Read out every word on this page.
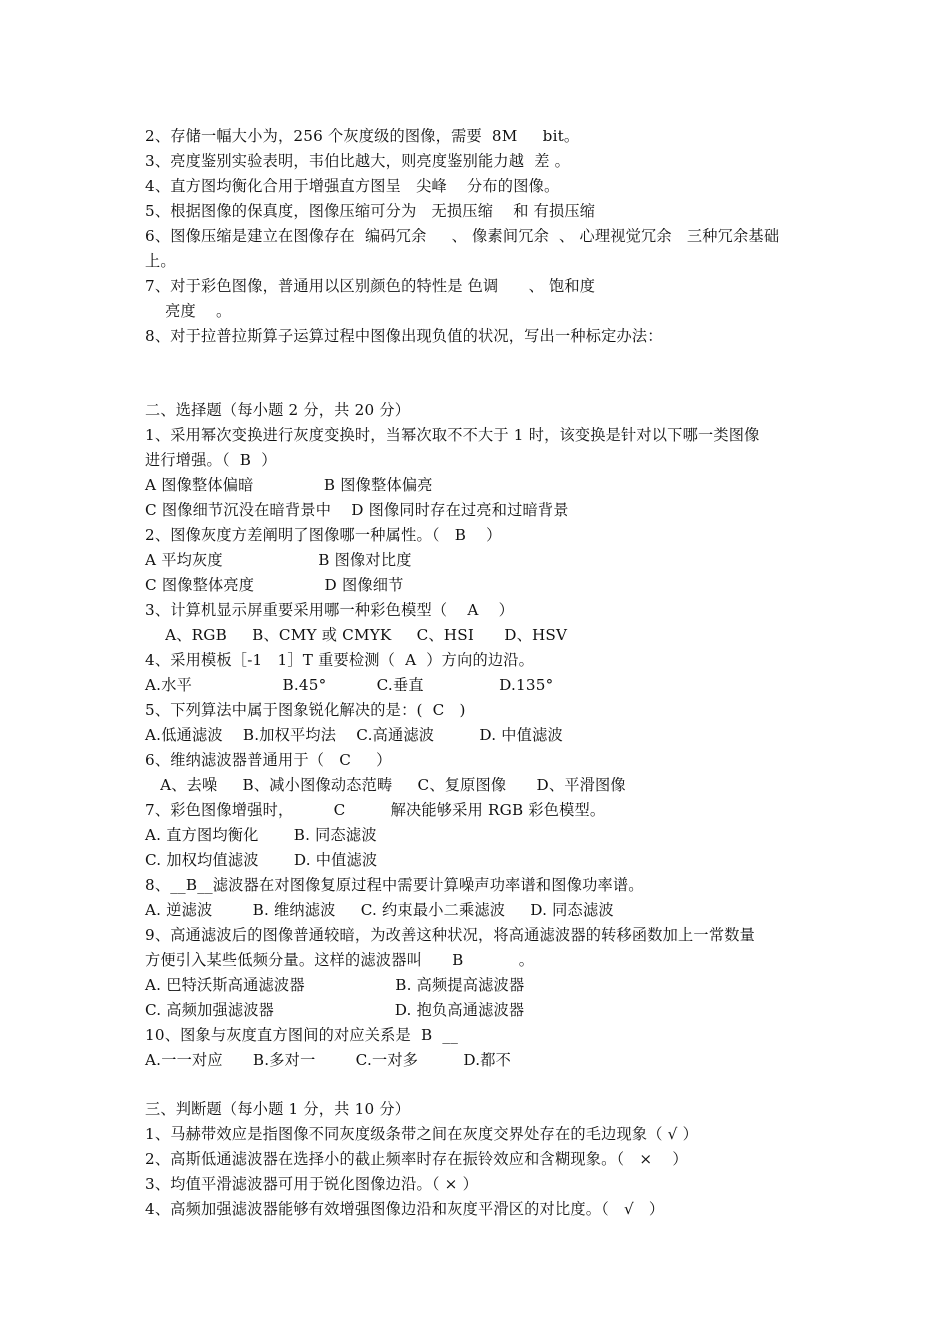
2、存储一幅大小为，256 个灰度级的图像，需要  8M     bit。
3、亮度鉴别实验表明，韦伯比越大，则亮度鉴别能力越  差 。
4、直方图均衡化合用于增强直方图呈   尖峰    分布的图像。
5、根据图像的保真度，图像压缩可分为   无损压缩    和 有损压缩
6、图像压缩是建立在图像存在  编码冗余     、 像素间冗余  、 心理视觉冗余   三种冗余基础
上。
7、对于彩色图像，普通用以区别颜色的特性是 色调      、 饱和度
亮度    。
8、对于拉普拉斯算子运算过程中图像出现负值的状况，写出一种标定办法：
二、选择题（每小题 2 分，共 20 分）
1、采用幂次变换进行灰度变换时，当幂次取不不大于 1 时，该变换是针对以下哪一类图像
进行增强。（  B  ）
A 图像整体偏暗              B 图像整体偏亮
C 图像细节沉没在暗背景中    D 图像同时存在过亮和过暗背景
2、图像灰度方差阐明了图像哪一种属性。（   B    ）
A 平均灰度                   B 图像对比度
C 图像整体亮度              D 图像细节
3、计算机显示屏重要采用哪一种彩色模型（    A    ）
A、RGB     B、CMY 或 CMYK     C、HSI      D、HSV
4、采用模板［-1   1］T 重要检测（  A  ）方向的边沿。
A.水平                  B.45°          C.垂直               D.135°
5、下列算法中属于图象锐化解决的是：(  C   )
A.低通滤波    B.加权平均法    C.高通滤波         D. 中值滤波
6、维纳滤波器普通用于（   C     ）
A、去噪     B、减小图像动态范畴     C、复原图像      D、平滑图像
7、彩色图像增强时，        C         解决能够采用 RGB 彩色模型。
A. 直方图均衡化       B. 同态滤波
C. 加权均值滤波       D. 中值滤波
8、__B__滤波器在对图像复原过程中需要计算噪声功率谱和图像功率谱。
A. 逆滤波        B. 维纳滤波     C. 约束最小二乘滤波     D. 同态滤波
9、高通滤波后的图像普通较暗，为改善这种状况，将高通滤波器的转移函数加上一常数量
方便引入某些低频分量。这样的滤波器叫      B           。
A. 巴特沃斯高通滤波器                  B. 高频提高滤波器
C. 高频加强滤波器                        D. 抱负高通滤波器
10、图象与灰度直方图间的对应关系是  B  __
A.一一对应      B.多对一        C.一对多         D.都不
三、判断题（每小题 1 分，共 10 分）
1、马赫带效应是指图像不同灰度级条带之间在灰度交界处存在的毛边现象（ √ ）
2、高斯低通滤波器在选择小的截止频率时存在振铃效应和含糊现象。（   ×    ）
3、均值平滑滤波器可用于锐化图像边沿。（ × ）
4、高频加强滤波器能够有效增强图像边沿和灰度平滑区的对比度。（   √   ）
